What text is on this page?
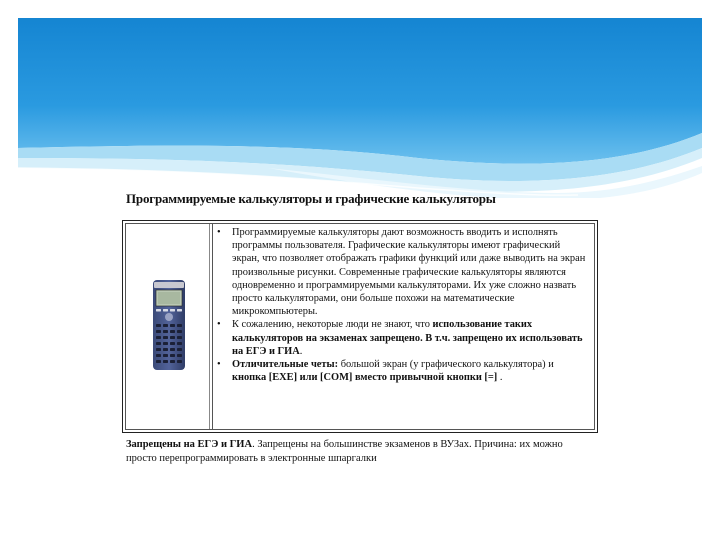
Программируемые калькуляторы и графические калькуляторы

• Программируемые калькуляторы дают возможность вводить и исполнять программы пользователя. Графические калькуляторы имеют графический экран, что позволяет отображать графики функций или даже выводить на экран произвольные рисунки. Современные графические калькуляторы являются одновременно и программируемыми калькуляторами. Их уже сложно назвать просто калькуляторами, они больше похожи на математические микрокомпьютеры.

• К сожалению, некоторые люди не знают, что использование таких калькуляторов на экзаменах запрещено. В т.ч. запрещено их использовать на ЕГЭ и ГИА.

• Отличительные четы: большой экран (у графического калькулятора) и кнопка [EXE] или [CОМ] вместо привычной кнопки [=] .

Запрещены на ЕГЭ и ГИА. Запрещены на большинстве экзаменов в ВУЗах. Причина: их можно просто перепрограммировать в электронные шпаргалки
